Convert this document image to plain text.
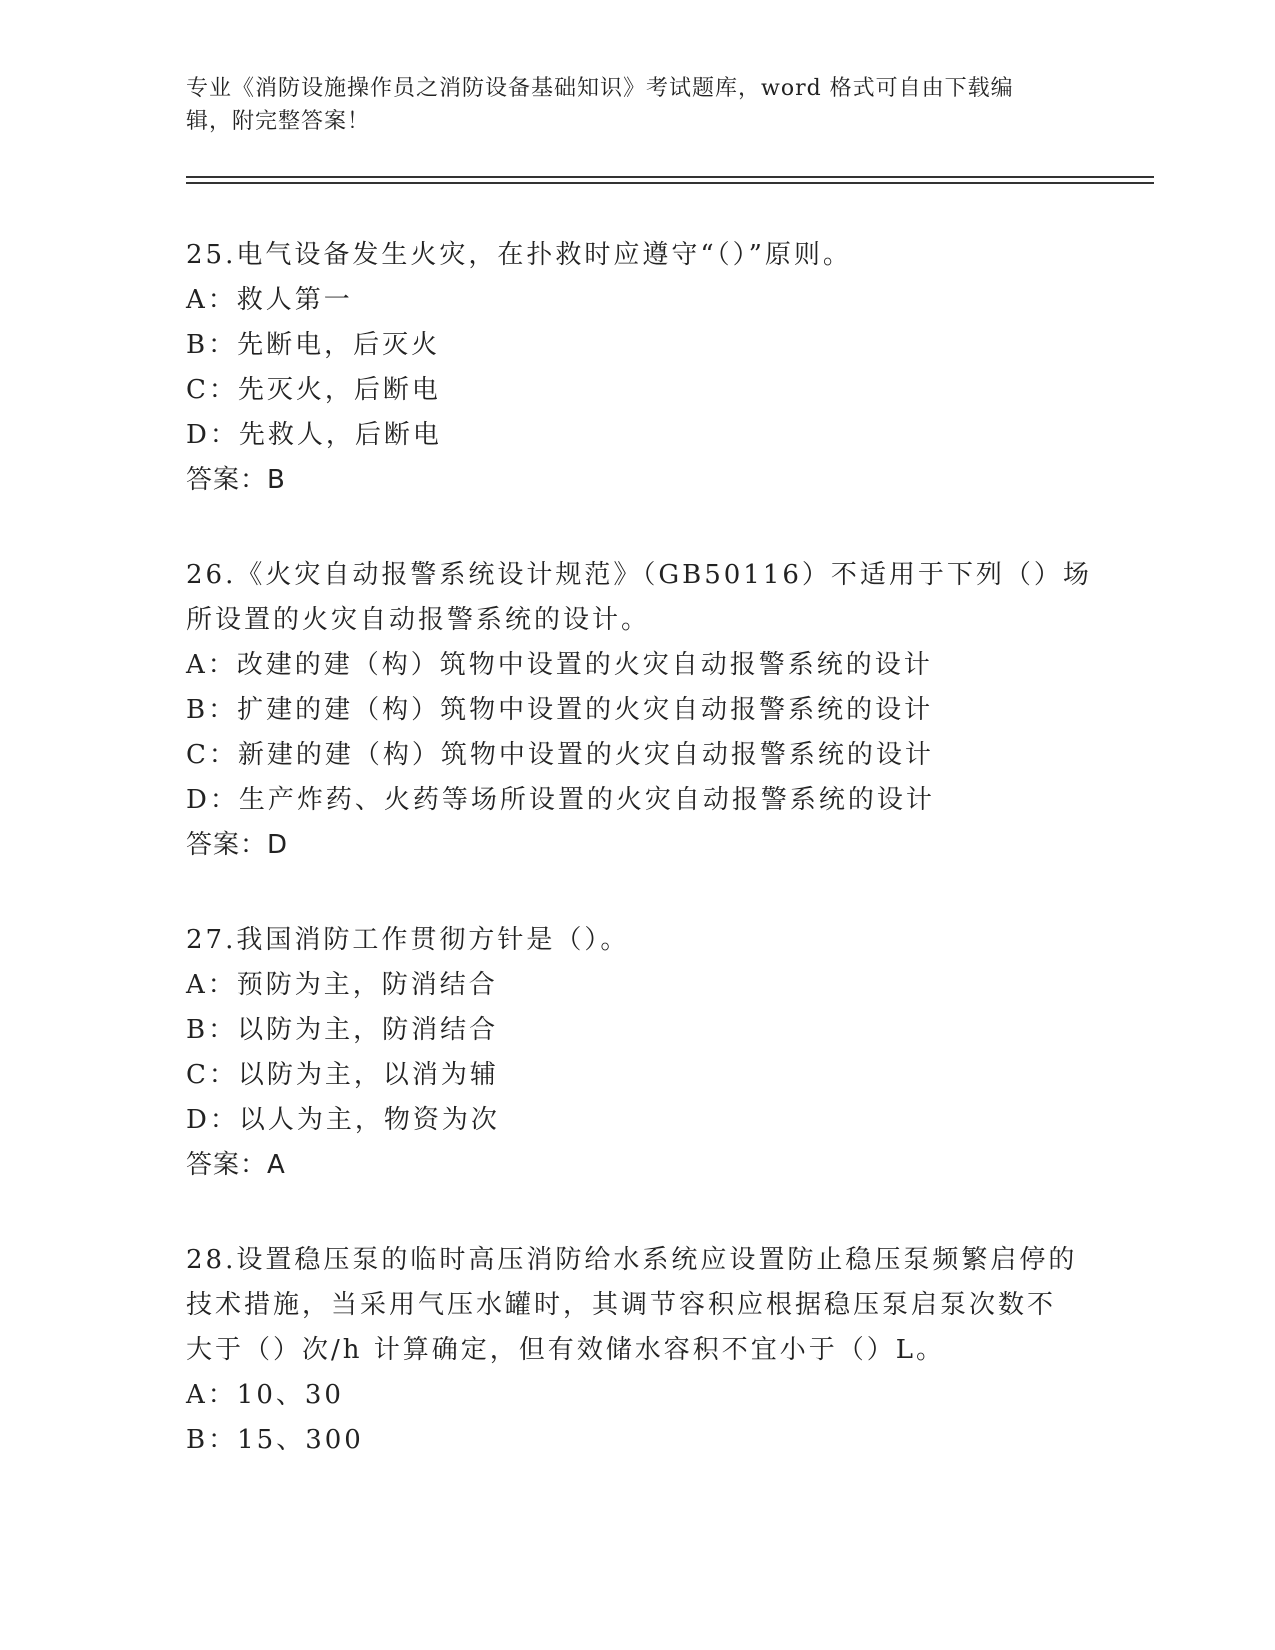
专业《消防设施操作员之消防设备基础知识》考试题库，word 格式可自由下载编
辑，附完整答案！
25.电气设备发生火灾，在扑救时应遵守“（）”原则。
A：救人第一
B：先断电，后灭火
C：先灭火，后断电
D：先救人，后断电
答案：B
26.《火灾自动报警系统设计规范》（GB50116）不适用于下列（）场
所设置的火灾自动报警系统的设计。
A：改建的建（构）筑物中设置的火灾自动报警系统的设计
B：扩建的建（构）筑物中设置的火灾自动报警系统的设计
C：新建的建（构）筑物中设置的火灾自动报警系统的设计
D：生产炸药、火药等场所设置的火灾自动报警系统的设计
答案：D
27.我国消防工作贯彻方针是（）。
A：预防为主，防消结合
B：以防为主，防消结合
C：以防为主，以消为辅
D：以人为主，物资为次
答案：A
28.设置稳压泵的临时高压消防给水系统应设置防止稳压泵频繁启停的
技术措施，当采用气压水罐时，其调节容积应根据稳压泵启泵次数不
大于（）次/h 计算确定，但有效储水容积不宜小于（）L。
A：10、30
B：15、300
